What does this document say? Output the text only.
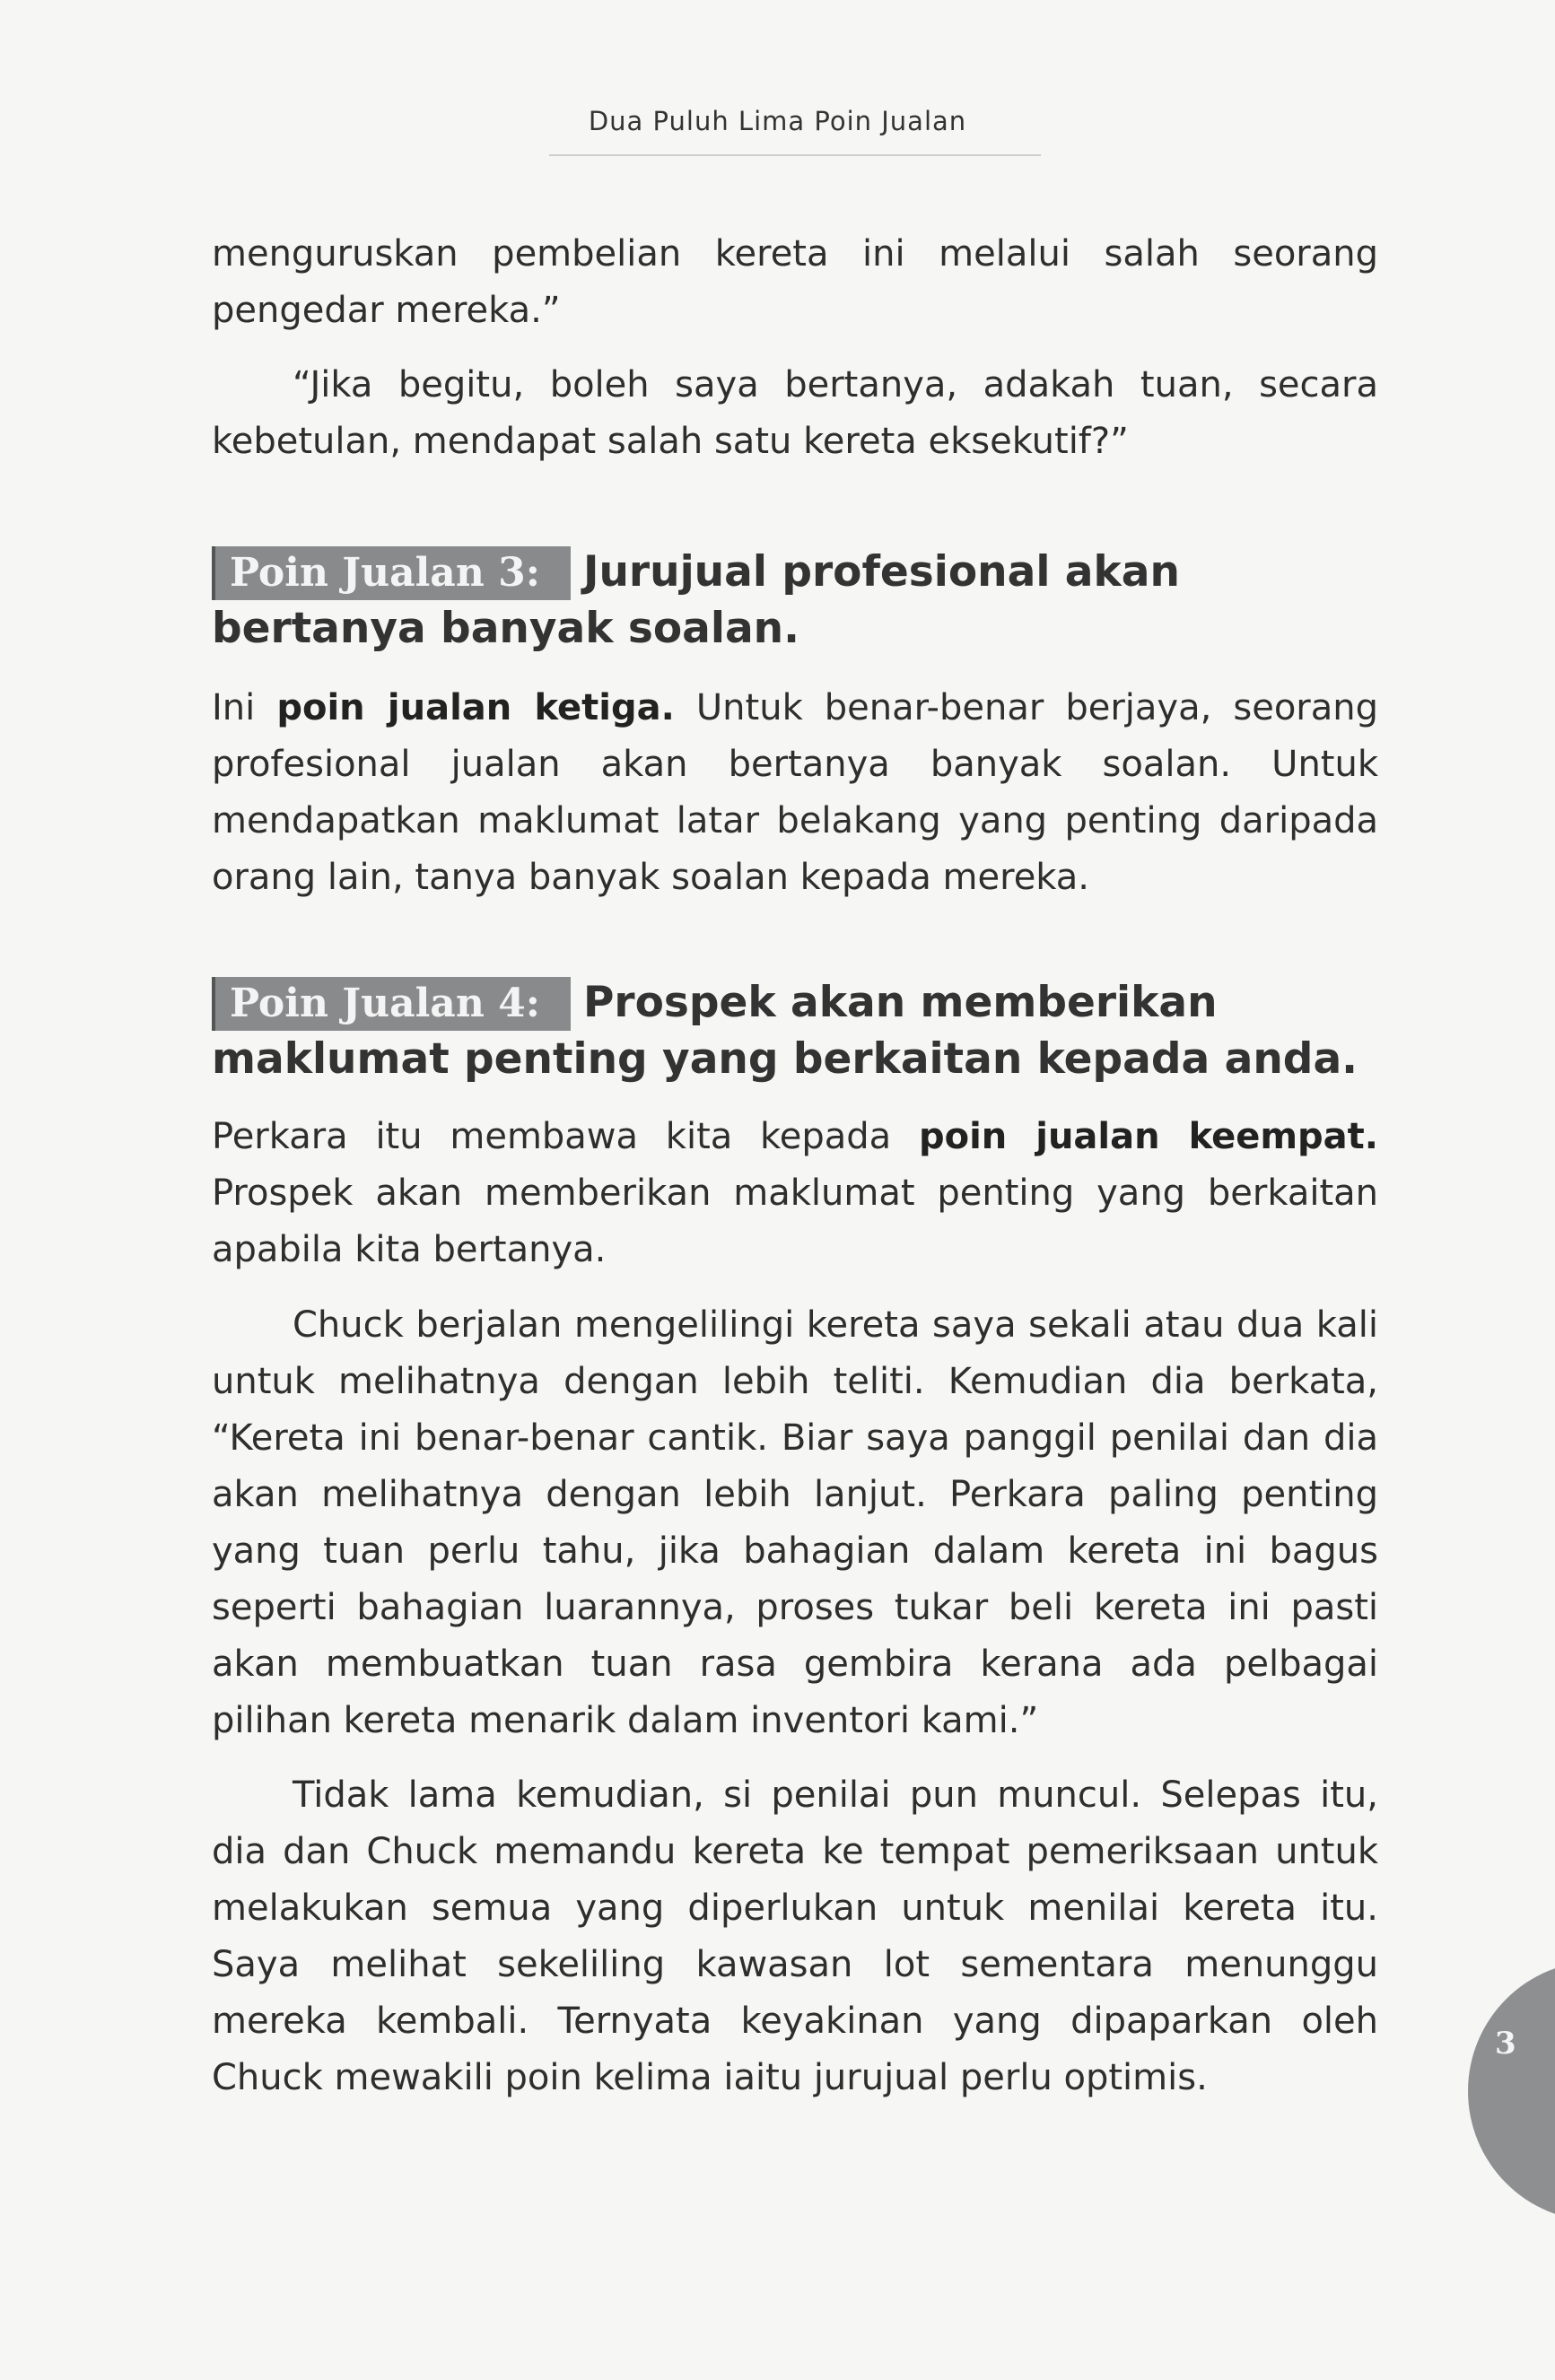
Dua Puluh Lima Poin Jualan

menguruskan pembelian kereta ini melalui salah seorang pengedar mereka.”

“Jika begitu, boleh saya bertanya, adakah tuan, secara kebetulan, mendapat salah satu kereta eksekutif?”

Poin Jualan 3: Jurujual profesional akan bertanya banyak soalan.

Ini poin jualan ketiga. Untuk benar-benar berjaya, seorang profesional jualan akan bertanya banyak soalan. Untuk mendapatkan maklumat latar belakang yang penting daripada orang lain, tanya banyak soalan kepada mereka.

Poin Jualan 4: Prospek akan memberikan maklumat penting yang berkaitan kepada anda.

Perkara itu membawa kita kepada poin jualan keempat. Prospek akan memberikan maklumat penting yang berkaitan apabila kita bertanya.

Chuck berjalan mengelilingi kereta saya sekali atau dua kali untuk melihatnya dengan lebih teliti. Kemudian dia berkata, “Kereta ini benar-benar cantik. Biar saya panggil penilai dan dia akan melihatnya dengan lebih lanjut. Perkara paling penting yang tuan perlu tahu, jika bahagian dalam kereta ini bagus seperti bahagian luarannya, proses tukar beli kereta ini pasti akan membuatkan tuan rasa gembira kerana ada pelbagai pilihan kereta menarik dalam inventori kami.”

Tidak lama kemudian, si penilai pun muncul. Selepas itu, dia dan Chuck memandu kereta ke tempat pemeriksaan untuk melakukan semua yang diperlukan untuk menilai kereta itu. Saya melihat sekeliling kawasan lot sementara menunggu mereka kembali. Ternyata keyakinan yang dipaparkan oleh Chuck mewakili poin kelima iaitu jurujual perlu optimis.

3
